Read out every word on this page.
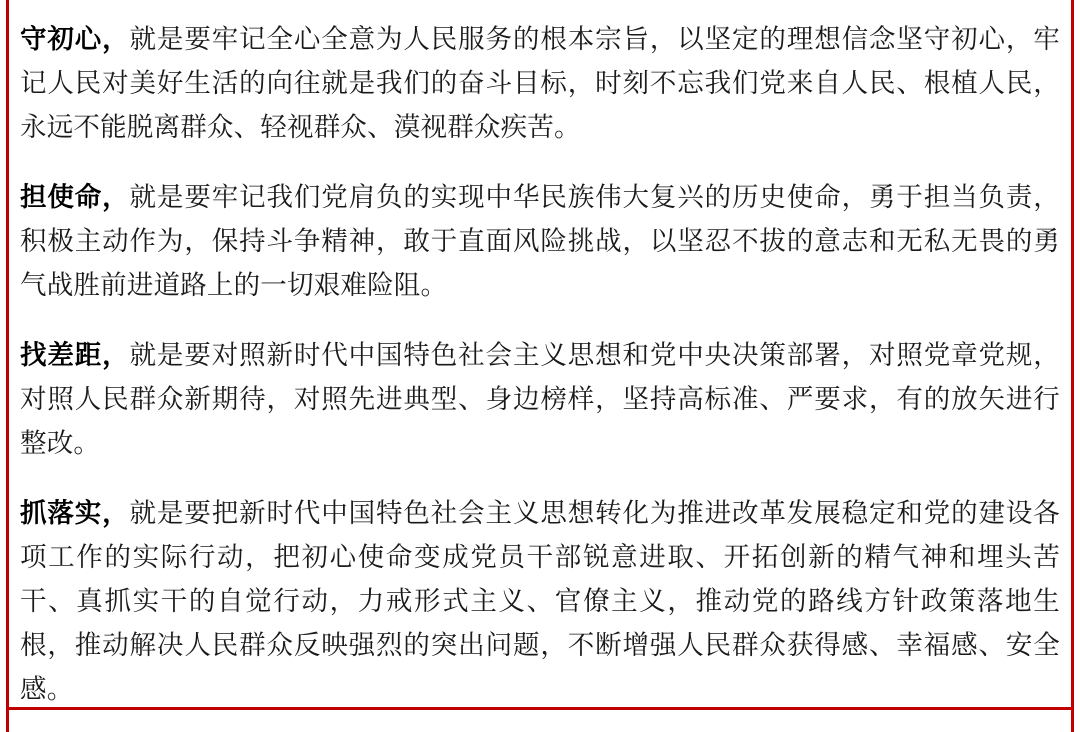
守初心，就是要牢记全心全意为人民服务的根本宗旨，以坚定的理想信念坚守初心，牢记人民对美好生活的向往就是我们的奋斗目标，时刻不忘我们党来自人民、根植人民，永远不能脱离群众、轻视群众、漠视群众疾苦。

担使命，就是要牢记我们党肩负的实现中华民族伟大复兴的历史使命，勇于担当负责，积极主动作为，保持斗争精神，敢于直面风险挑战，以坚忍不拔的意志和无私无畏的勇气战胜前进道路上的一切艰难险阻。

找差距，就是要对照新时代中国特色社会主义思想和党中央决策部署，对照党章党规，对照人民群众新期待，对照先进典型、身边榜样，坚持高标准、严要求，有的放矢进行整改。

抓落实，就是要把新时代中国特色社会主义思想转化为推进改革发展稳定和党的建设各项工作的实际行动，把初心使命变成党员干部锐意进取、开拓创新的精气神和埋头苦干、真抓实干的自觉行动，力戒形式主义、官僚主义，推动党的路线方针政策落地生根，推动解决人民群众反映强烈的突出问题，不断增强人民群众获得感、幸福感、安全感。
